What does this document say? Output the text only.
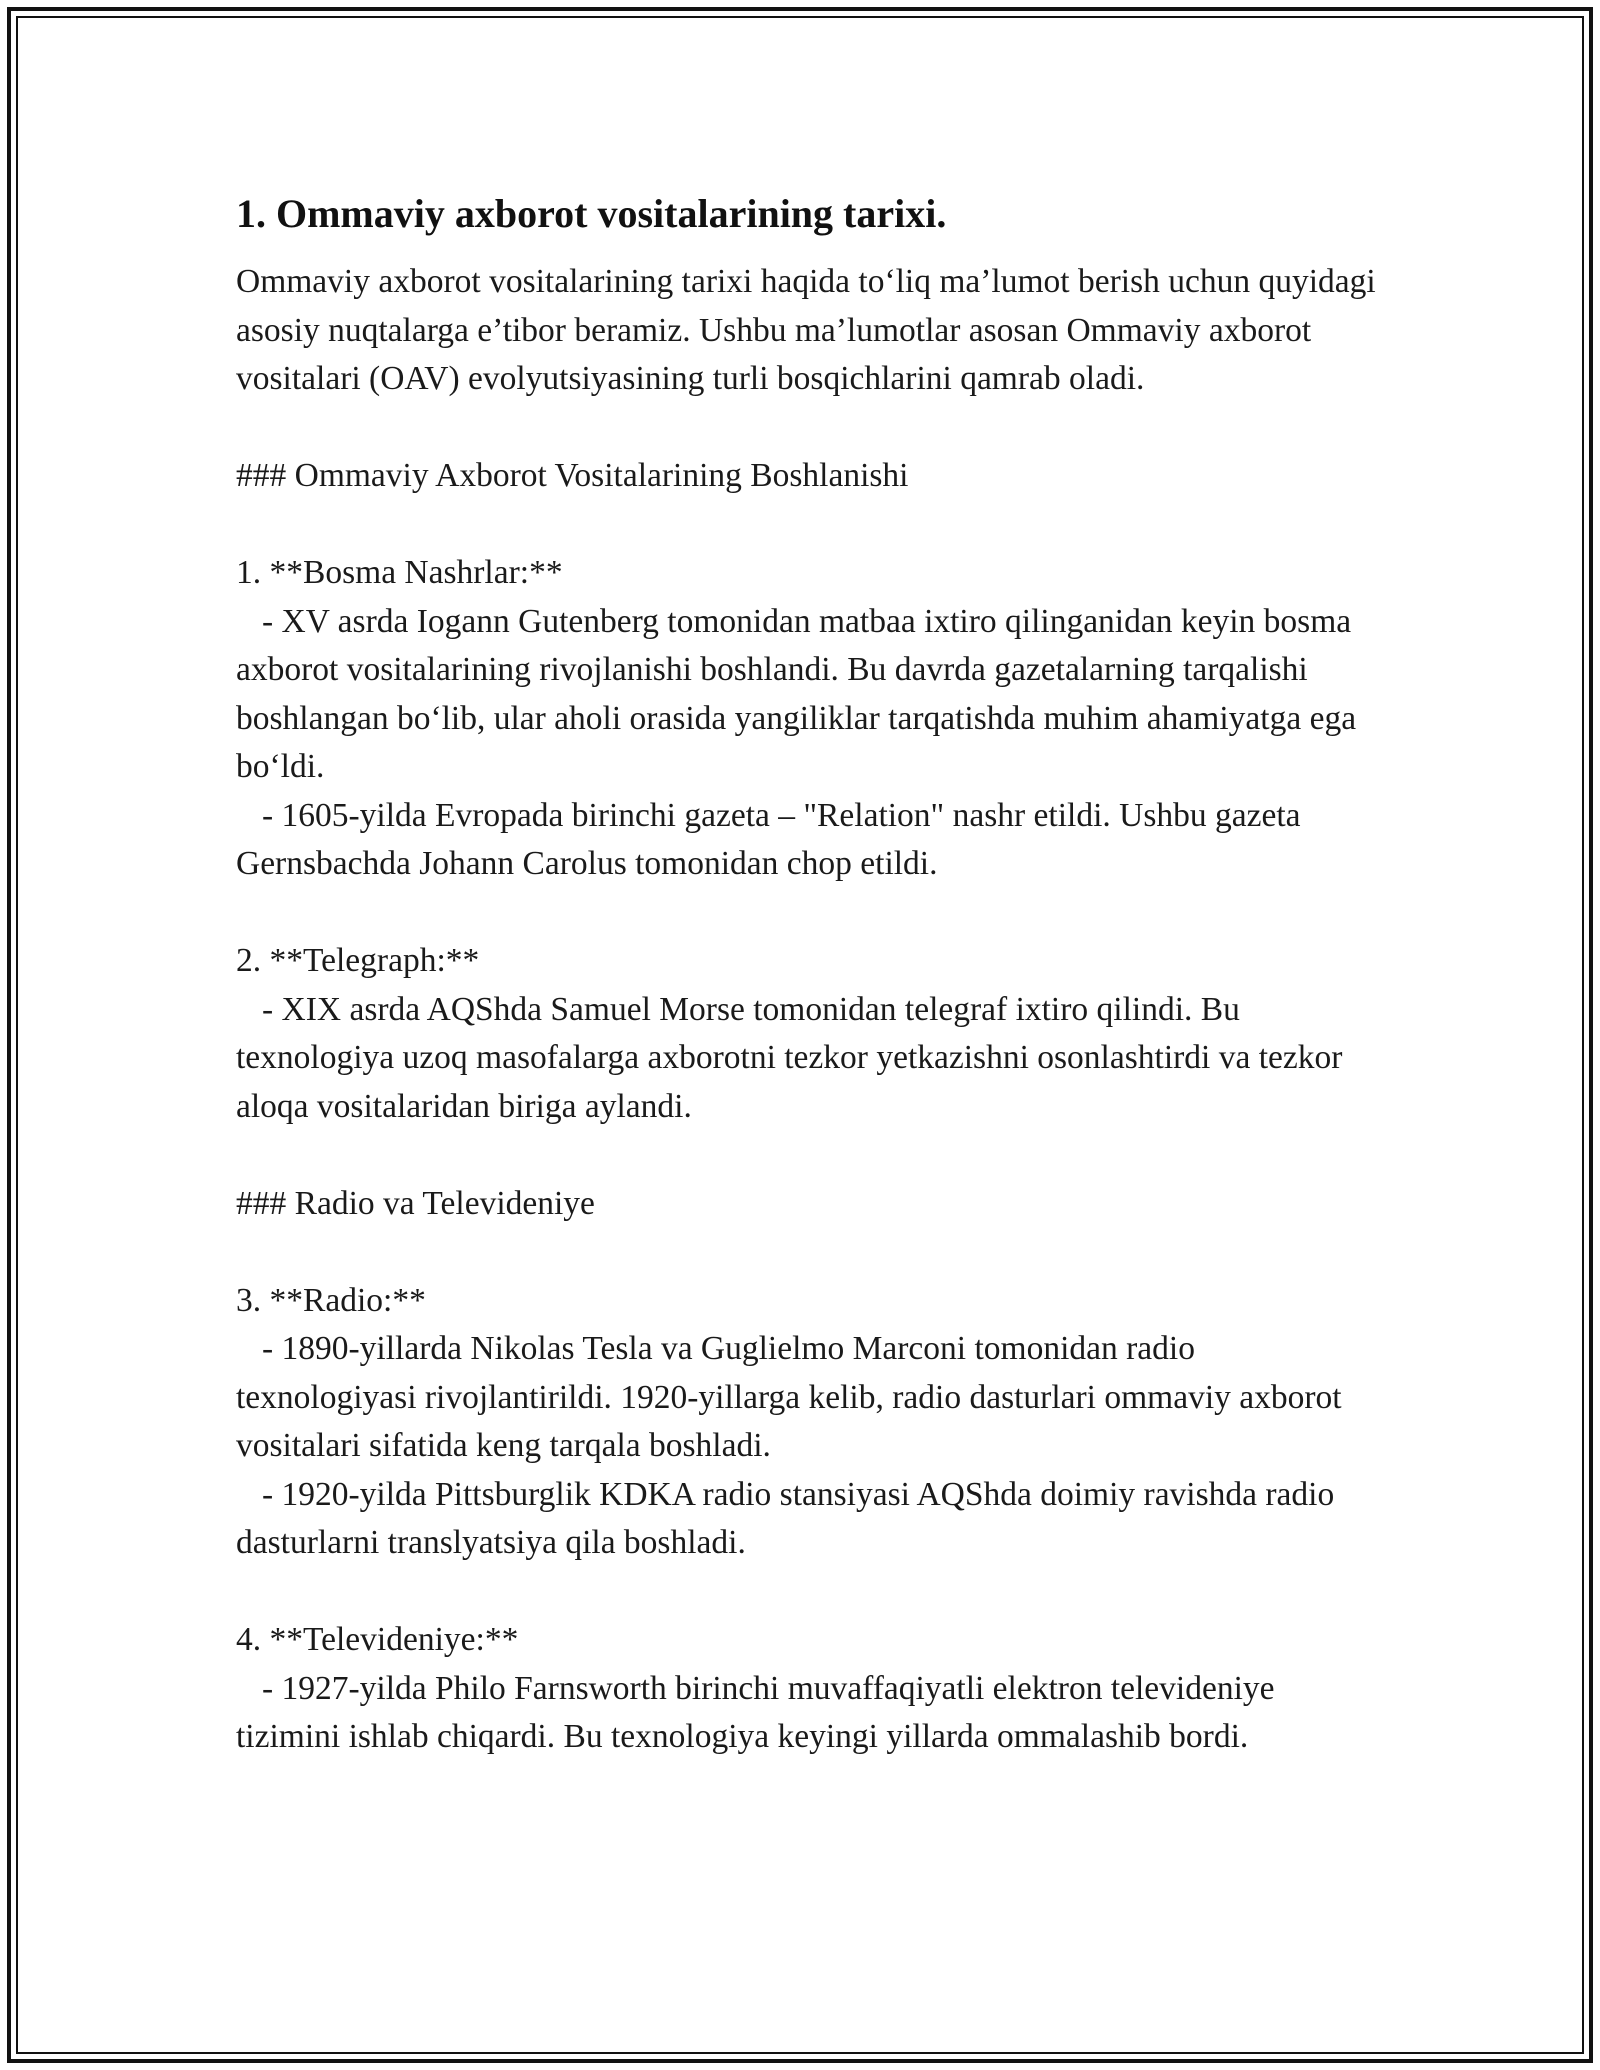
1. Ommaviy axborot vositalarining tarixi.

Ommaviy axborot vositalarining tarixi haqida to‘liq ma’lumot berish uchun quyidagi asosiy nuqtalarga e’tibor beramiz. Ushbu ma’lumotlar asosan Ommaviy axborot vositalari (OAV) evolyutsiyasining turli bosqichlarini qamrab oladi.

### Ommaviy Axborot Vositalarining Boshlanishi

1. **Bosma Nashrlar:**

- XV asrda Iogann Gutenberg tomonidan matbaa ixtiro qilinganidan keyin bosma axborot vositalarining rivojlanishi boshlandi. Bu davrda gazetalarning tarqalishi boshlangan bo‘lib, ular aholi orasida yangiliklar tarqatishda muhim ahamiyatga ega bo‘ldi.

- 1605-yilda Evropada birinchi gazeta – "Relation" nashr etildi. Ushbu gazeta Gernsbachda Johann Carolus tomonidan chop etildi.

2. **Telegraph:**

- XIX asrda AQShda Samuel Morse tomonidan telegraf ixtiro qilindi. Bu texnologiya uzoq masofalarga axborotni tezkor yetkazishni osonlashtirdi va tezkor aloqa vositalaridan biriga aylandi.

### Radio va Televideniye

3. **Radio:**

- 1890-yillarda Nikolas Tesla va Guglielmo Marconi tomonidan radio texnologiyasi rivojlantirildi. 1920-yillarga kelib, radio dasturlari ommaviy axborot vositalari sifatida keng tarqala boshladi.

- 1920-yilda Pittsburglik KDKA radio stansiyasi AQShda doimiy ravishda radio dasturlarni translyatsiya qila boshladi.

4. **Televideniye:**

- 1927-yilda Philo Farnsworth birinchi muvaffaqiyatli elektron televideniye tizimini ishlab chiqardi. Bu texnologiya keyingi yillarda ommalashib bordi.
